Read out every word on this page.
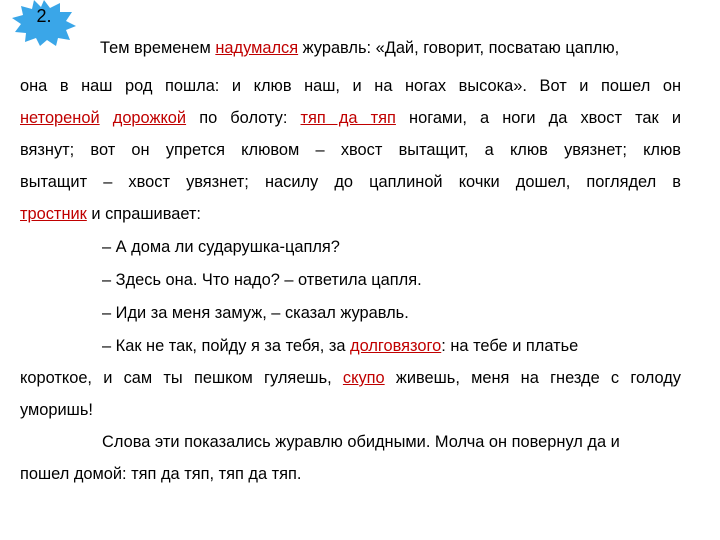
2.
Тем временем надумался журавль: «Дай, говорит, посватаю цаплю,
она в наш род пошла: и клюв наш, и на ногах высока». Вот и пошел он
нетореной дорожкой по болоту: тяп да тяп ногами, а ноги да хвост так и
вязнут; вот он упрется клювом – хвост вытащит, а клюв увязнет; клюв
вытащит – хвост увязнет; насилу до цаплиной кочки дошел, поглядел в
тростник и спрашивает:
– А дома ли сударушка-цапля?
– Здесь она. Что надо? – ответила цапля.
– Иди за меня замуж, – сказал журавль.
– Как не так, пойду я за тебя, за долговязого: на тебе и платье
короткое, и сам ты пешком гуляешь, скупо живешь, меня на гнезде с голоду
уморишь!
Слова эти показались журавлю обидными. Молча он повернул да и
пошел домой: тяп да тяп, тяп да тяп.
